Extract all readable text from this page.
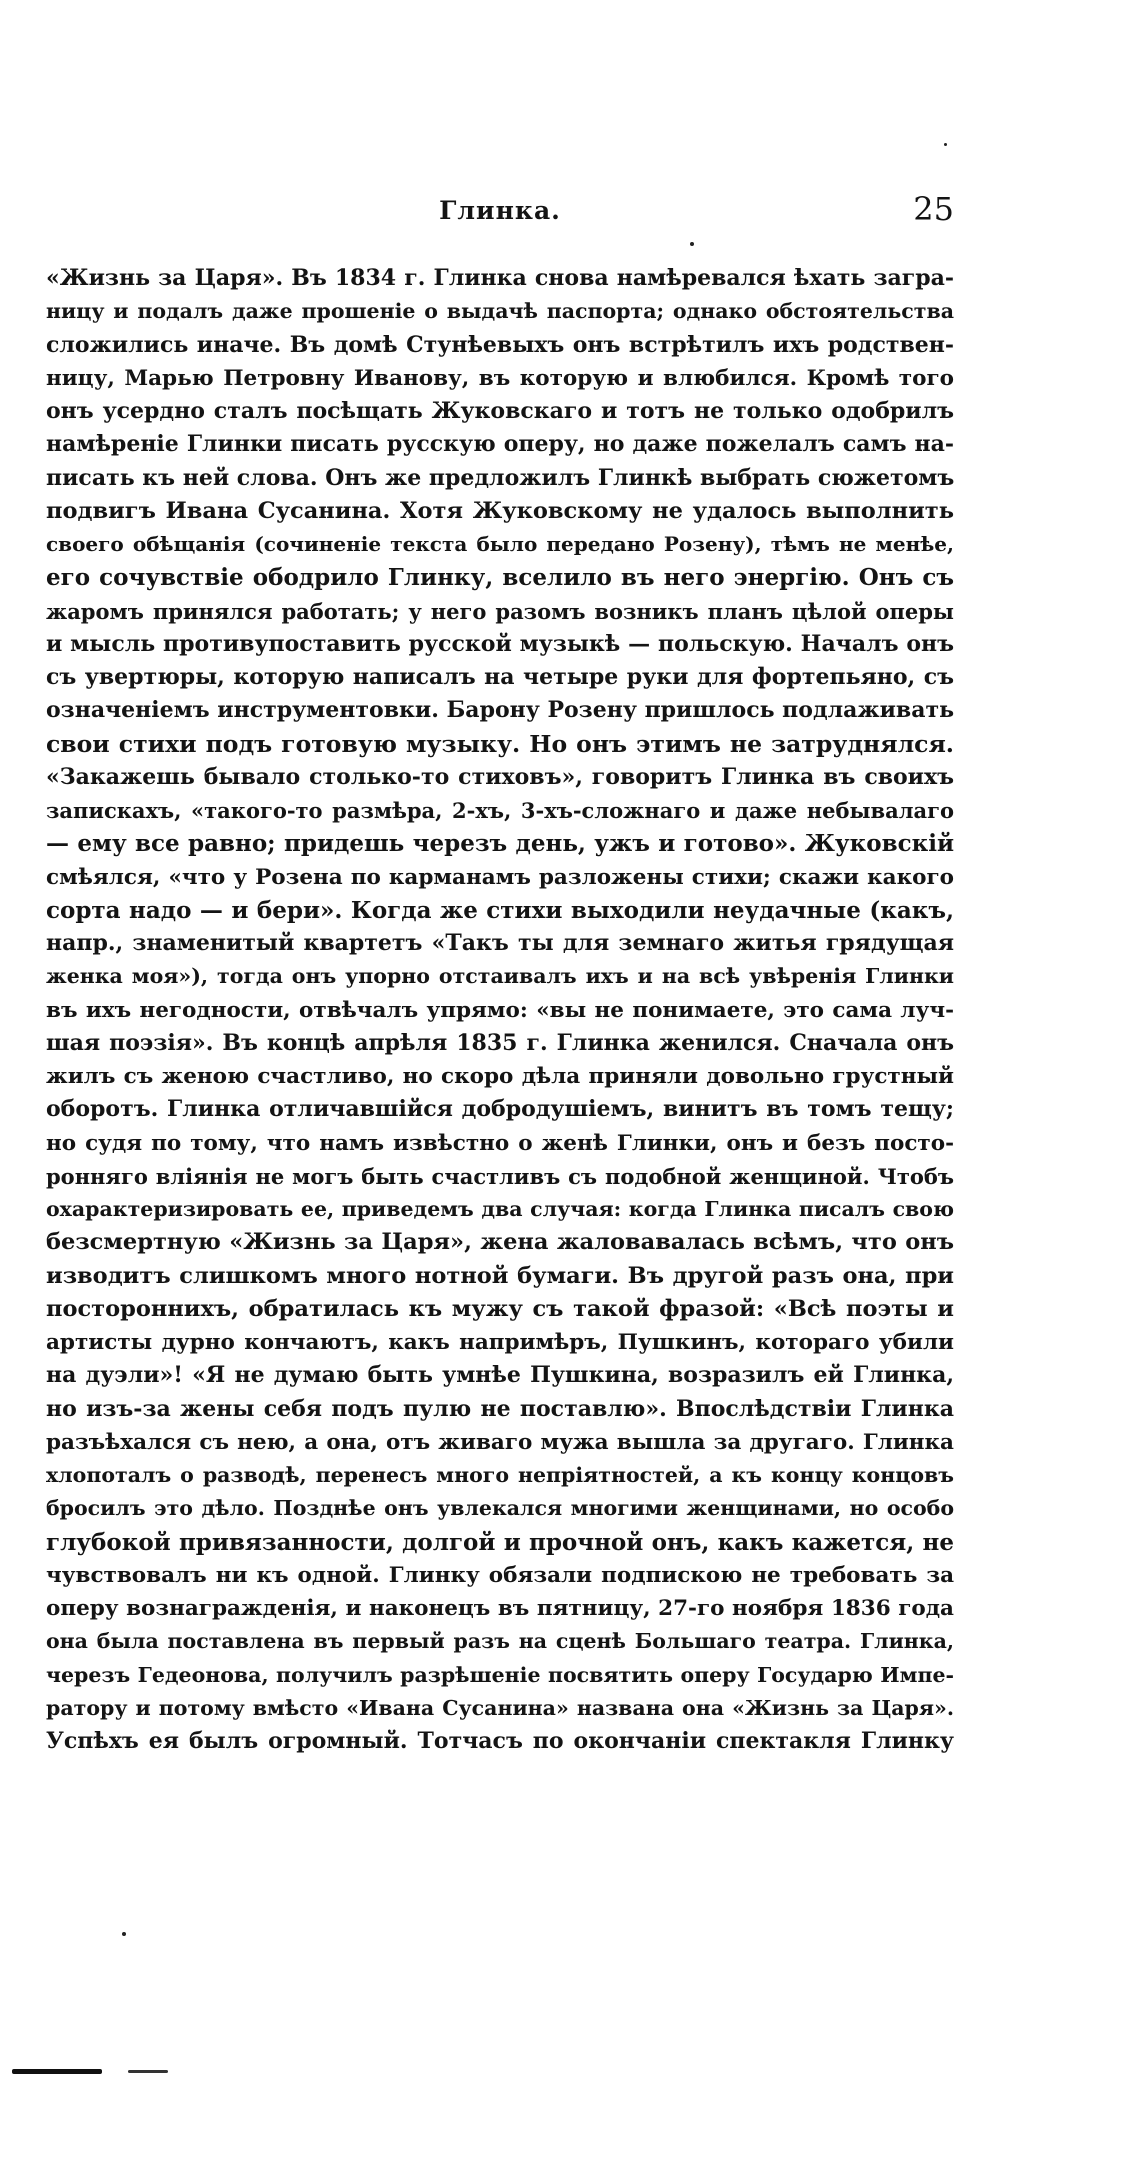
Глинка.	25
«Жизнь за Царя». Въ 1834 г. Глинка снова намѣревался ѣхать загра-
ницу и подалъ даже прошеніе о выдачѣ паспорта; однако обстоятельства
сложились иначе. Въ домѣ Стунѣевыхъ онъ встрѣтилъ ихъ родствен-
ницу, Марью Петровну Иванову, въ которую и влюбился. Кромѣ того
онъ усердно сталъ посѣщать Жуковскаго и тотъ не только одобрилъ
намѣреніе Глинки писать русскую оперу, но даже пожелалъ самъ на-
писать къ ней слова. Онъ же предложилъ Глинкѣ выбрать сюжетомъ
подвигъ Ивана Сусанина. Хотя Жуковскому не удалось выполнить
своего обѣщанія (сочиненіе текста было передано Розену), тѣмъ не менѣе,
его сочувствіе ободрило Глинку, вселило въ него энергію. Онъ съ
жаромъ принялся работать; у него разомъ возникъ планъ цѣлой оперы
и мысль противупоставить русской музыкѣ — польскую. Началъ онъ
съ увертюры, которую написалъ на четыре руки для фортепьяно, съ
означеніемъ инструментовки. Барону Розену пришлось подлаживать
свои стихи подъ готовую музыку. Но онъ этимъ не затруднялся.
«Закажешь бывало столько-то стиховъ», говоритъ Глинка въ своихъ
запискахъ, «такого-то размѣра, 2-хъ, 3-хъ-сложнаго и даже небывалаго
— ему все равно; придешь черезъ день, ужъ и готово». Жуковскій
смѣялся, «что у Розена по карманамъ разложены стихи; скажи какого
сорта надо — и бери». Когда же стихи выходили неудачные (какъ,
напр., знаменитый квартетъ «Такъ ты для земнаго житья грядущая
женка моя»), тогда онъ упорно отстаивалъ ихъ и на всѣ увѣренія Глинки
въ ихъ негодности, отвѣчалъ упрямо: «вы не понимаете, это сама луч-
шая поэзія». Въ концѣ апрѣля 1835 г. Глинка женился. Сначала онъ
жилъ съ женою счастливо, но скоро дѣла приняли довольно грустный
оборотъ. Глинка отличавшійся добродушіемъ, винитъ въ томъ тещу;
но судя по тому, что намъ извѣстно о женѣ Глинки, онъ и безъ посто-
ронняго вліянія не могъ быть счастливъ съ подобной женщиной. Чтобъ
охарактеризировать ее, приведемъ два случая: когда Глинка писалъ свою
безсмертную «Жизнь за Царя», жена жаловавалась всѣмъ, что онъ
изводитъ слишкомъ много нотной бумаги. Въ другой разъ она, при
постороннихъ, обратилась къ мужу съ такой фразой: «Всѣ поэты и
артисты дурно кончаютъ, какъ напримѣръ, Пушкинъ, котораго убили
на дуэли»! «Я не думаю быть умнѣе Пушкина, возразилъ ей Глинка,
но изъ-за жены себя подъ пулю не поставлю». Впослѣдствіи Глинка
разъѣхался съ нею, а она, отъ живаго мужа вышла за другаго. Глинка
хлопоталъ о разводѣ, перенесъ много непріятностей, а къ концу концовъ
бросилъ это дѣло. Позднѣе онъ увлекался многими женщинами, но особо
глубокой привязанности, долгой и прочной онъ, какъ кажется, не
чувствовалъ ни къ одной. Глинку обязали подпискою не требовать за
оперу вознагражденія, и наконецъ въ пятницу, 27-го ноября 1836 года
она была поставлена въ первый разъ на сценѣ Большаго театра. Глинка,
черезъ Гедеонова, получилъ разрѣшеніе посвятить оперу Государю Импе-
ратору и потому вмѣсто «Ивана Сусанина» названа она «Жизнь за Царя».
Успѣхъ ея былъ огромный. Тотчасъ по окончаніи спектакля Глинку
